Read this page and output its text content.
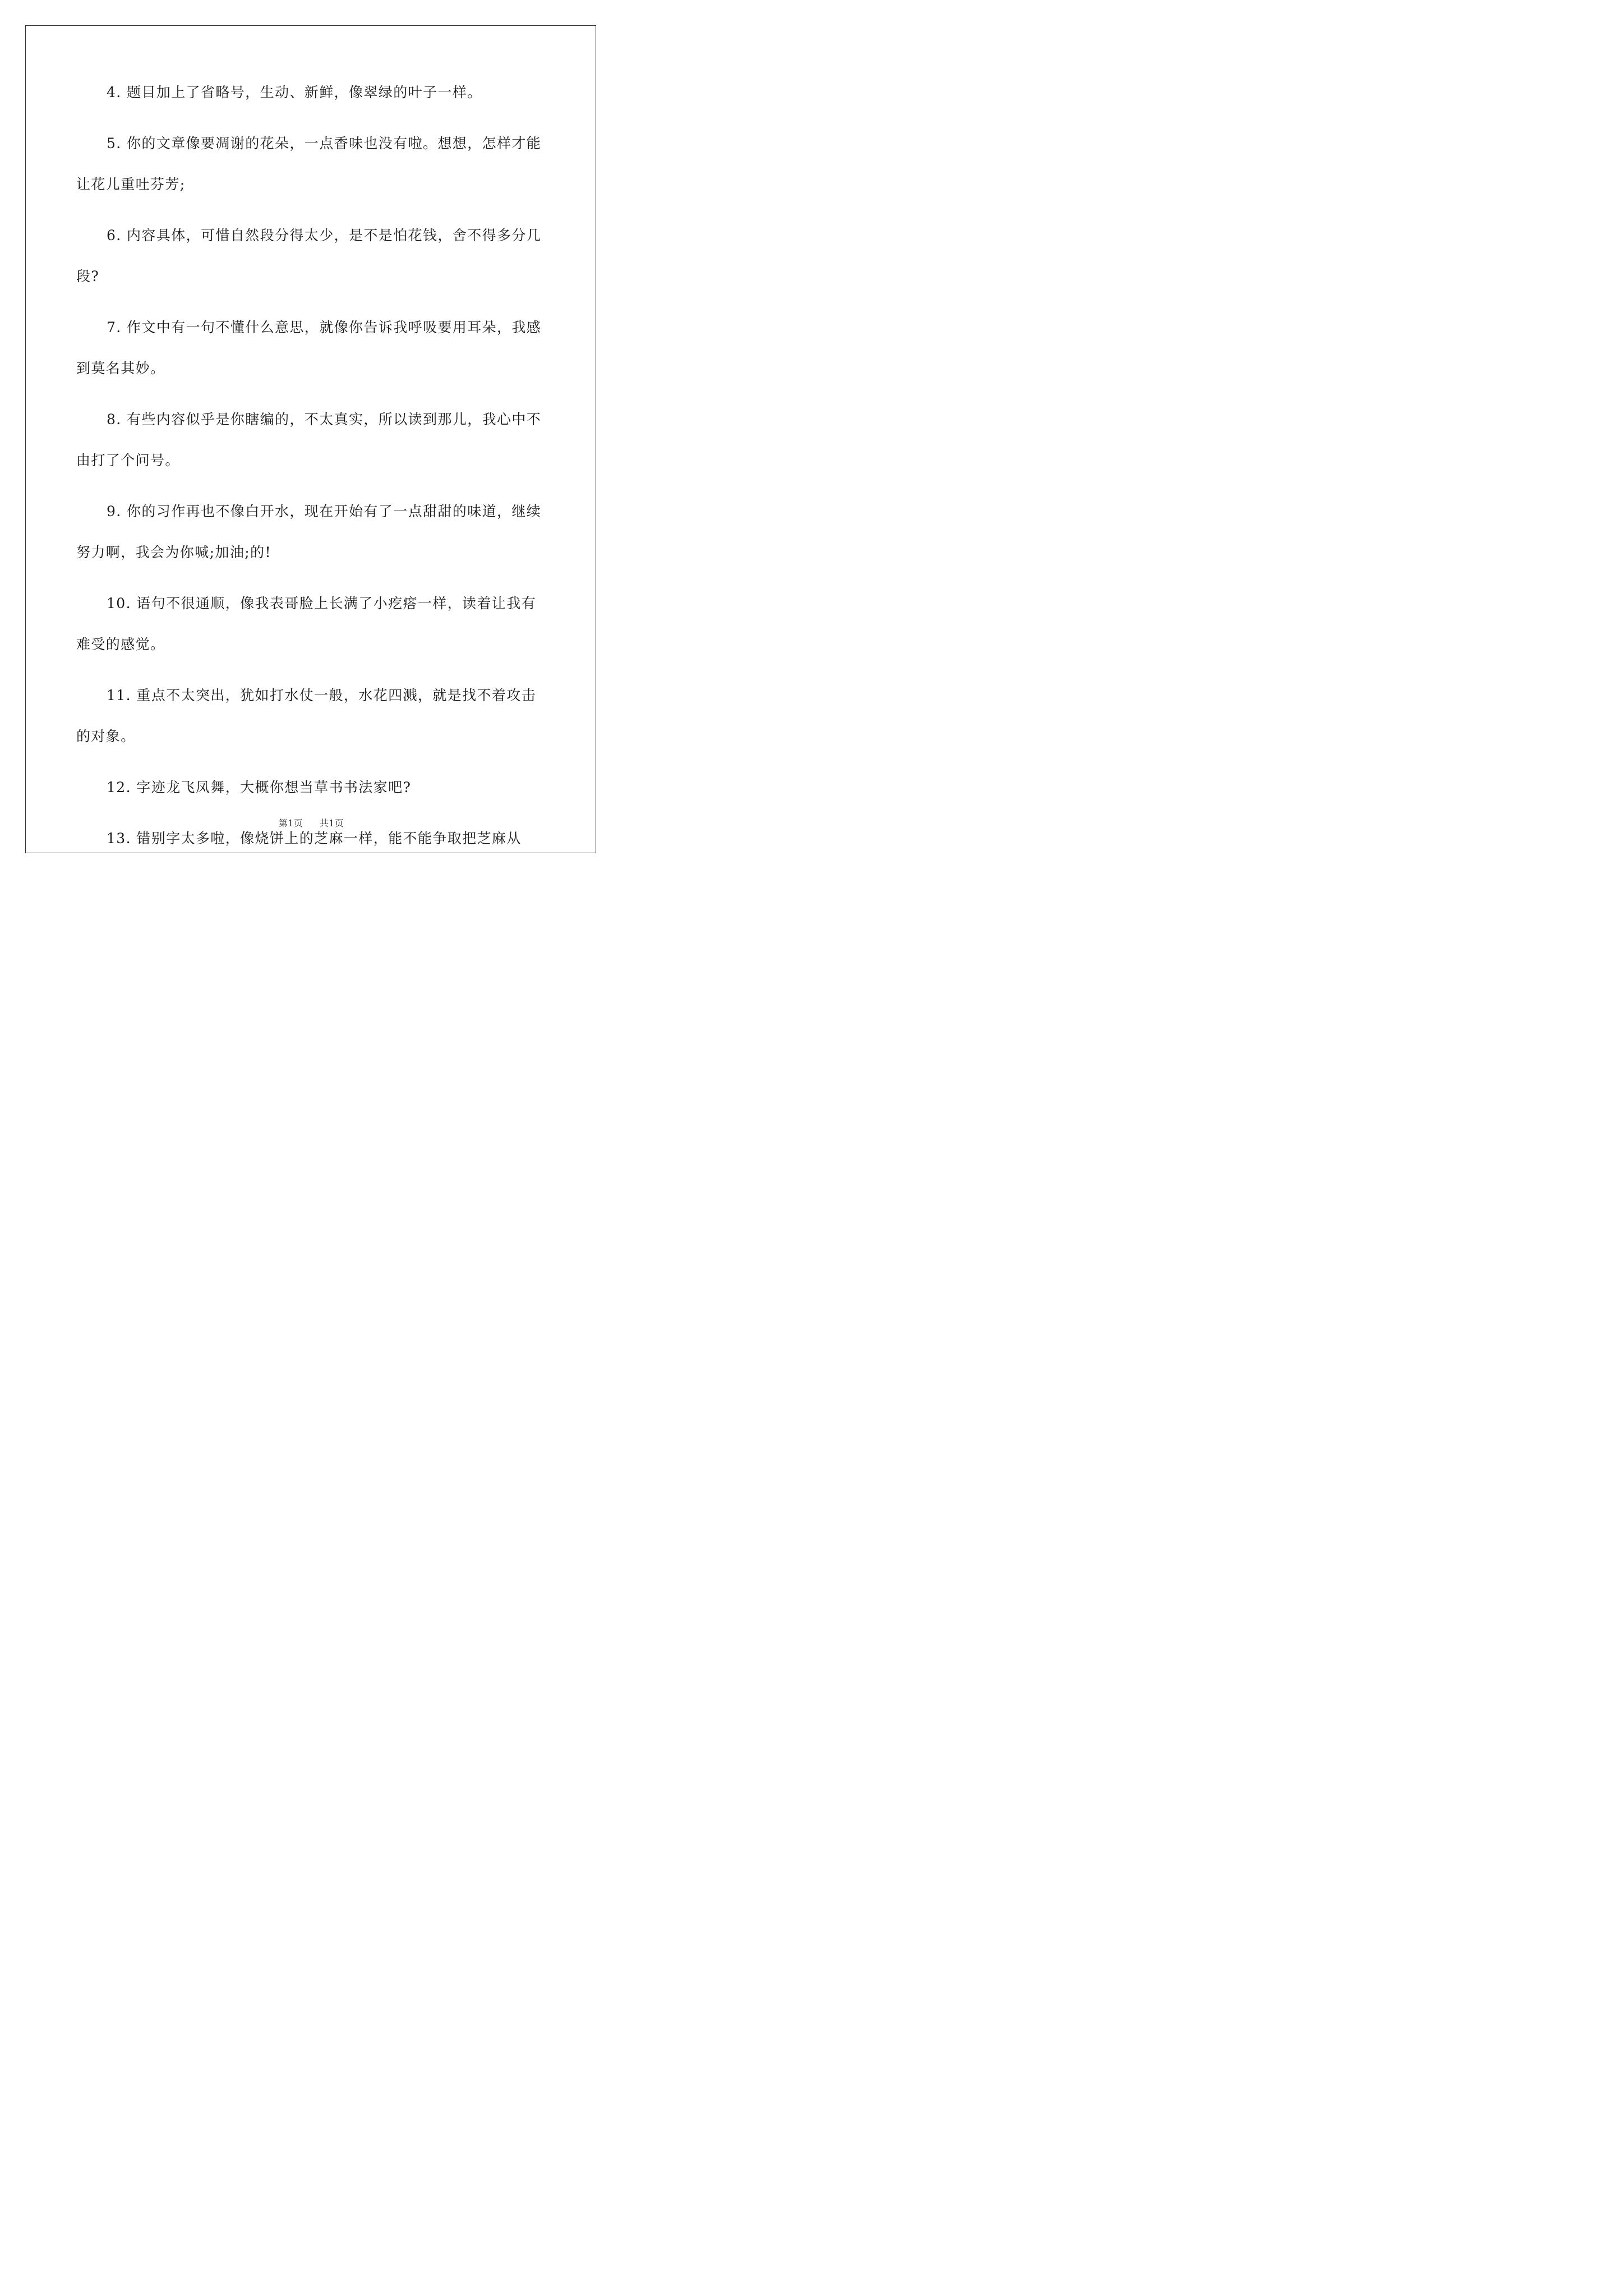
4. 题目加上了省略号，生动、新鲜，像翠绿的叶子一样。

5. 你的文章像要凋谢的花朵，一点香味也没有啦。想想，怎样才能让花儿重吐芬芳;

6. 内容具体，可惜自然段分得太少，是不是怕花钱，舍不得多分几段?

7. 作文中有一句不懂什么意思，就像你告诉我呼吸要用耳朵，我感到莫名其妙。

8. 有些内容似乎是你瞎编的，不太真实，所以读到那儿，我心中不由打了个问号。

9. 你的习作再也不像白开水，现在开始有了一点甜甜的味道，继续努力啊，我会为你喊;加油;的!

10. 语句不很通顺，像我表哥脸上长满了小疙瘩一样，读着让我有难受的感觉。

11. 重点不太突出，犹如打水仗一般，水花四溅，就是找不着攻击的对象。

12. 字迹龙飞凤舞，大概你想当草书书法家吧?

13. 错别字太多啦，像烧饼上的芝麻一样，能不能争取把芝麻从

第1页 共1页
